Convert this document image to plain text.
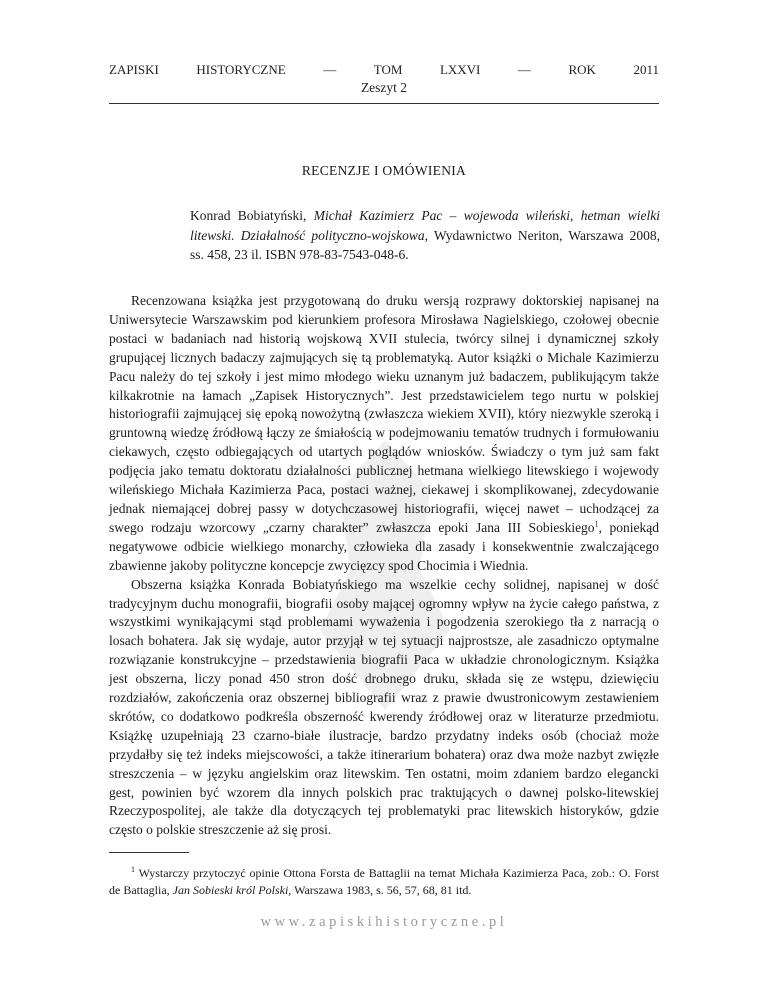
ZAPISKI	HISTORYCZNE	—	TOM	LXXVI	—	ROK	2011
Zeszyt 2
RECENZJE I OMÓWIENIA

Konrad Bobiatyński, Michał Kazimierz Pac – wojewoda wileński, hetman wielki litewski. Działalność polityczno-wojskowa, Wydawnictwo Neriton, Warszawa 2008, ss. 458, 23 il. ISBN 978-83-7543-048-6.

Recenzowana książka jest przygotowaną do druku wersją rozprawy doktorskiej napisanej na Uniwersytecie Warszawskim pod kierunkiem profesora Mirosława Nagielskiego, czołowej obecnie postaci w badaniach nad historią wojskową XVII stulecia, twórcy silnej i dynamicznej szkoły grupującej licznych badaczy zajmujących się tą problematyką. Autor książki o Michale Kazimierzu Pacu należy do tej szkoły i jest mimo młodego wieku uznanym już badaczem, publikującym także kilkakrotnie na łamach „Zapisek Historycznych”. Jest przedstawicielem tego nurtu w polskiej historiografii zajmującej się epoką nowożytną (zwłaszcza wiekiem XVII), który niezwykle szeroką i gruntowną wiedzę źródłową łączy ze śmiałością w podejmowaniu tematów trudnych i formułowaniu ciekawych, często odbiegających od utartych poglądów wniosków. Świadczy o tym już sam fakt podjęcia jako tematu doktoratu działalności publicznej hetmana wielkiego litewskiego i wojewody wileńskiego Michała Kazimierza Paca, postaci ważnej, ciekawej i skomplikowanej, zdecydowanie jednak niemającej dobrej passy w dotychczasowej historiografii, więcej nawet – uchodzącej za swego rodzaju wzorcowy „czarny charakter” zwłaszcza epoki Jana III Sobieskiego$^1$, poniekąd negatywowe odbicie wielkiego monarchy, człowieka dla zasady i konsekwentnie zwalczającego zbawienne jakoby polityczne koncepcje zwycięzcy spod Chocimia i Wiednia.

Obszerna książka Konrada Bobiatyńskiego ma wszelkie cechy solidnej, napisanej w dość tradycyjnym duchu monografii, biografii osoby mającej ogromny wpływ na życie całego państwa, z wszystkimi wynikającymi stąd problemami wyważenia i pogodzenia szerokiego tła z narracją o losach bohatera. Jak się wydaje, autor przyjął w tej sytuacji najprostsze, ale zasadniczo optymalne rozwiązanie konstrukcyjne – przedstawienia biografii Paca w układzie chronologicznym. Książka jest obszerna, liczy ponad 450 stron dość drobnego druku, składa się ze wstępu, dziewięciu rozdziałów, zakończenia oraz obszernej bibliografii wraz z prawie dwustronicowym zestawieniem skrótów, co dodatkowo podkreśla obszerność kwerendy źródłowej oraz w literaturze przedmiotu. Książkę uzupełniają 23 czarno-białe ilustracje, bardzo przydatny indeks osób (chociaż może przydałby się też indeks miejscowości, a także itinerarium bohatera) oraz dwa może nazbyt zwięzłe streszczenia – w języku angielskim oraz litewskim. Ten ostatni, moim zdaniem bardzo elegancki gest, powinien być wzorem dla innych polskich prac traktujących o dawnej polsko-litewskiej Rzeczypospolitej, ale także dla dotyczących tej problematyki prac litewskich historyków, gdzie często o polskie streszczenie aż się prosi.

$^1$ Wystarczy przytoczyć opinie Ottona Forsta de Battaglii na temat Michała Kazimierza Paca, zob.: O. Forst de Battaglia, Jan Sobieski król Polski, Warszawa 1983, s. 56, 57, 68, 81 itd.

www.zapiskihistoryczne.pl
